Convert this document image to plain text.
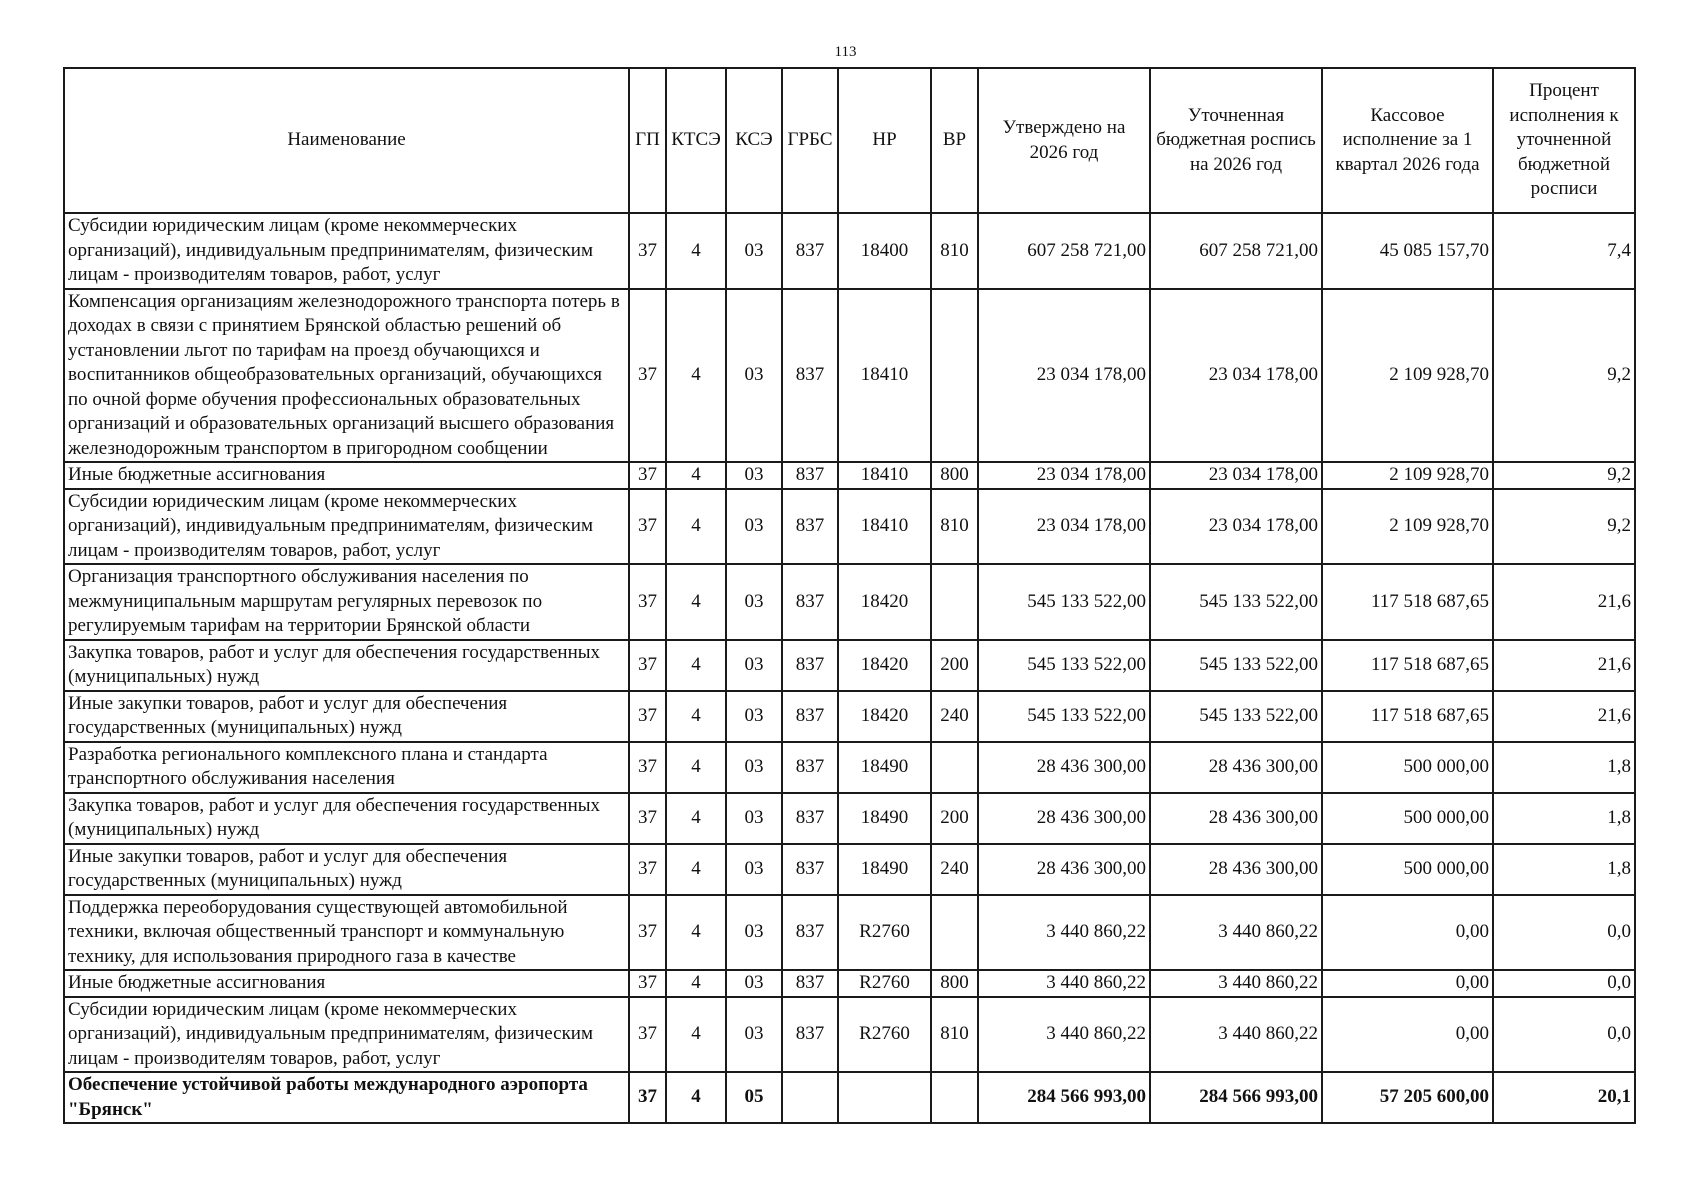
113
Наименование	ГП	КТСЭ	КСЭ	ГРБС	НР	ВР	Утверждено на 2026 год	Уточненная бюджетная роспись на 2026 год	Кассовое исполнение за 1 квартал 2026 года	Процент исполнения к уточненной бюджетной росписи
Субсидии юридическим лицам (кроме некоммерческих организаций), индивидуальным предпринимателям, физическим лицам - производителям товаров, работ, услуг	37	4	03	837	18400	810	607 258 721,00	607 258 721,00	45 085 157,70	7,4
Компенсация организациям железнодорожного транспорта потерь в доходах в связи с принятием Брянской областью решений об установлении льгот по тарифам на проезд обучающихся и воспитанников общеобразовательных организаций, обучающихся по очной форме обучения профессиональных образовательных организаций и образовательных организаций высшего образования железнодорожным транспортом в пригородном сообщении	37	4	03	837	18410		23 034 178,00	23 034 178,00	2 109 928,70	9,2
Иные бюджетные ассигнования	37	4	03	837	18410	800	23 034 178,00	23 034 178,00	2 109 928,70	9,2
Субсидии юридическим лицам (кроме некоммерческих организаций), индивидуальным предпринимателям, физическим лицам - производителям товаров, работ, услуг	37	4	03	837	18410	810	23 034 178,00	23 034 178,00	2 109 928,70	9,2
Организация транспортного обслуживания населения по межмуниципальным маршрутам регулярных перевозок по регулируемым тарифам на территории Брянской области	37	4	03	837	18420		545 133 522,00	545 133 522,00	117 518 687,65	21,6
Закупка товаров, работ и услуг для обеспечения государственных (муниципальных) нужд	37	4	03	837	18420	200	545 133 522,00	545 133 522,00	117 518 687,65	21,6
Иные закупки товаров, работ и услуг для обеспечения государственных (муниципальных) нужд	37	4	03	837	18420	240	545 133 522,00	545 133 522,00	117 518 687,65	21,6
Разработка регионального комплексного плана и стандарта транспортного обслуживания населения	37	4	03	837	18490		28 436 300,00	28 436 300,00	500 000,00	1,8
Закупка товаров, работ и услуг для обеспечения государственных (муниципальных) нужд	37	4	03	837	18490	200	28 436 300,00	28 436 300,00	500 000,00	1,8
Иные закупки товаров, работ и услуг для обеспечения государственных (муниципальных) нужд	37	4	03	837	18490	240	28 436 300,00	28 436 300,00	500 000,00	1,8
Поддержка переоборудования существующей автомобильной техники, включая общественный транспорт и коммунальную технику, для использования природного газа в качестве	37	4	03	837	R2760		3 440 860,22	3 440 860,22	0,00	0,0
Иные бюджетные ассигнования	37	4	03	837	R2760	800	3 440 860,22	3 440 860,22	0,00	0,0
Субсидии юридическим лицам (кроме некоммерческих организаций), индивидуальным предпринимателям, физическим лицам - производителям товаров, работ, услуг	37	4	03	837	R2760	810	3 440 860,22	3 440 860,22	0,00	0,0
Обеспечение устойчивой работы международного аэропорта "Брянск"	37	4	05				284 566 993,00	284 566 993,00	57 205 600,00	20,1
